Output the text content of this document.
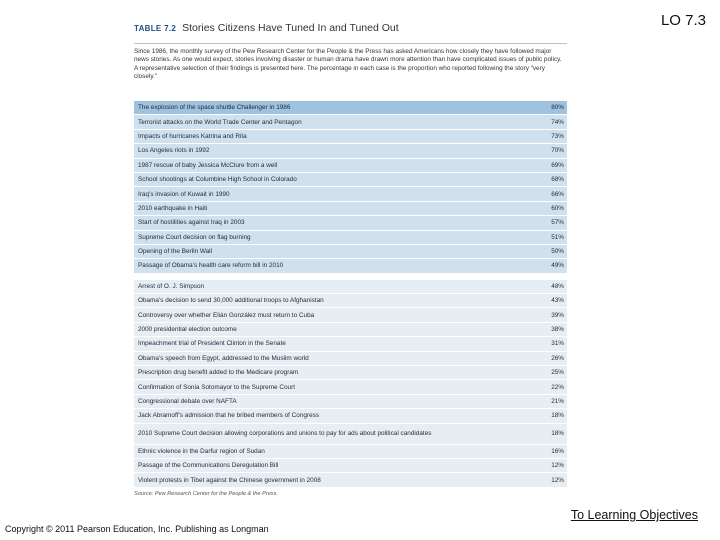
LO 7.3
TABLE 7.2 Stories Citizens Have Tuned In and Tuned Out
Since 1986, the monthly survey of the Pew Research Center for the People & the Press has asked Americans how closely they have followed major news stories. As one would expect, stories involving disaster or human drama have drawn more attention than have complicated issues of public policy. A representative selection of their findings is presented here. The percentage in each case is the proportion who reported following the story “very closely.”
The explosion of the space shuttle Challenger in 1986	80%
Terrorist attacks on the World Trade Center and Pentagon	74%
Impacts of hurricanes Katrina and Rita	73%
Los Angeles riots in 1992	70%
1987 rescue of baby Jessica McClure from a well	69%
School shootings at Columbine High School in Colorado	68%
Iraq’s invasion of Kuwait in 1990	66%
2010 earthquake in Haiti	60%
Start of hostilities against Iraq in 2003	57%
Supreme Court decision on flag burning	51%
Opening of the Berlin Wall	50%
Passage of Obama’s health care reform bill in 2010	49%
Arrest of O. J. Simpson	48%
Obama’s decision to send 30,000 additional troops to Afghanistan	43%
Controversy over whether Elián González must return to Cuba	39%
2000 presidential election outcome	38%
Impeachment trial of President Clinton in the Senate	31%
Obama’s speech from Egypt, addressed to the Muslim world	26%
Prescription drug benefit added to the Medicare program	25%
Confirmation of Sonia Sotomayor to the Supreme Court	22%
Congressional debate over NAFTA	21%
Jack Abramoff’s admission that he bribed members of Congress	18%
2010 Supreme Court decision allowing corporations and unions to pay for ads about political candidates	18%
Ethnic violence in the Darfur region of Sudan	16%
Passage of the Communications Deregulation Bill	12%
Violent protests in Tibet against the Chinese government in 2008	12%
Source: Pew Research Center for the People & the Press.
To Learning Objectives
Copyright © 2011 Pearson Education, Inc. Publishing as Longman
